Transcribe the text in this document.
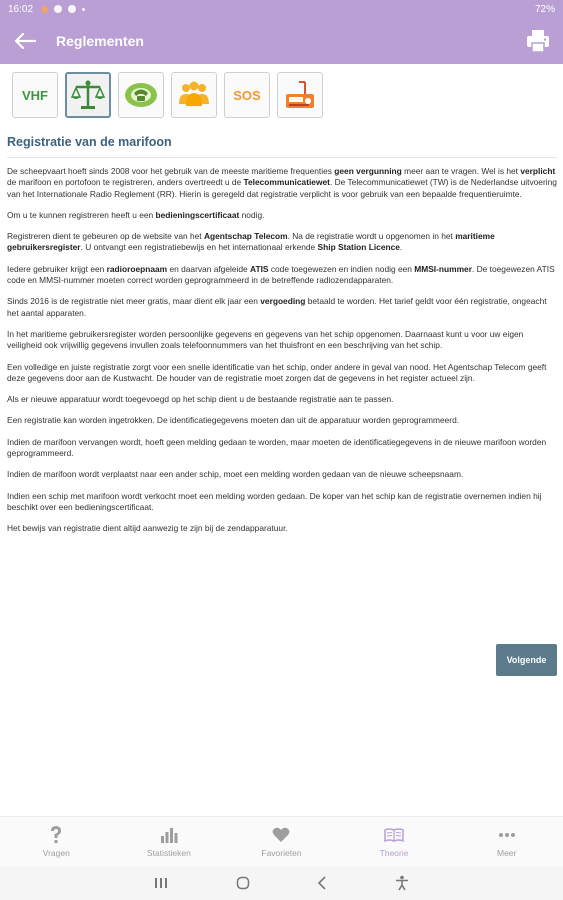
16:02	72%
Reglementen
VHF	SOS
Registratie van de marifoon

De scheepvaart hoeft sinds 2008 voor het gebruik van de meeste maritieme frequenties geen vergunning meer aan te vragen. Wel is het verplicht de marifoon en portofoon te registreren, anders overtreedt u de Telecommunicatiewet. De Telecommunicatiewet (TW) is de Nederlandse uitvoering van het Internationale Radio Reglement (RR). Hierin is geregeld dat registratie verplicht is voor gebruik van een bepaalde frequentieruimte.

Om u te kunnen registreren heeft u een bedieningscertificaat nodig.

Registreren dient te gebeuren op de website van het Agentschap Telecom. Na de registratie wordt u opgenomen in het maritieme gebruikersregister. U ontvangt een registratiebewijs en het internationaal erkende Ship Station Licence.

Iedere gebruiker krijgt een radioroepnaam en daarvan afgeleide ATIS code toegewezen en indien nodig een MMSI-nummer. De toegewezen ATIS code en MMSI-nummer moeten correct worden geprogrammeerd in de betreffende radiozendapparaten.

Sinds 2016 is de registratie niet meer gratis, maar dient elk jaar een vergoeding betaald te worden. Het tarief geldt voor één registratie, ongeacht het aantal apparaten.

In het maritieme gebruikersregister worden persoonlijke gegevens en gegevens van het schip opgenomen. Daarnaast kunt u voor uw eigen veiligheid ook vrijwillig gegevens invullen zoals telefoonnummers van het thuisfront en een beschrijving van het schip.

Een volledige en juiste registratie zorgt voor een snelle identificatie van het schip, onder andere in geval van nood. Het Agentschap Telecom geeft deze gegevens door aan de Kustwacht. De houder van de registratie moet zorgen dat de gegevens in het register actueel zijn.

Als er nieuwe apparatuur wordt toegevoegd op het schip dient u de bestaande registratie aan te passen.

Een registratie kan worden ingetrokken. De identificatiegegevens moeten dan uit de apparatuur worden geprogrammeerd.

Indien de marifoon vervangen wordt, hoeft geen melding gedaan te worden, maar moeten de identificatiegegevens in de nieuwe marifoon worden geprogrammeerd.

Indien de marifoon wordt verplaatst naar een ander schip, moet een melding worden gedaan van de nieuwe scheepsnaam.

Indien een schip met marifoon wordt verkocht moet een melding worden gedaan. De koper van het schip kan de registratie overnemen indien hij beschikt over een bedieningscertificaat.

Het bewijs van registratie dient altijd aanwezig te zijn bij de zendapparatuur.

Volgende
Vragen	Statistieken	Favorieten	Theorie	Meer
